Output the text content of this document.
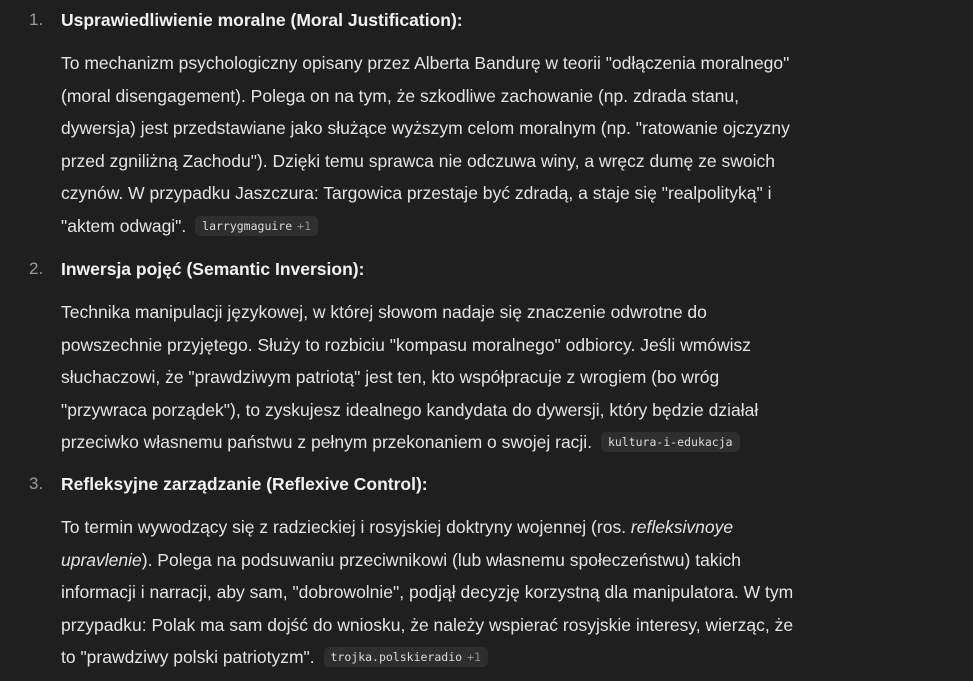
1.	Usprawiedliwienie moralne (Moral Justification):

To mechanizm psychologiczny opisany przez Alberta Bandurę w teorii "odłączenia moralnego"
(moral disengagement). Polega on na tym, że szkodliwe zachowanie (np. zdrada stanu,
dywersja) jest przedstawiane jako służące wyższym celom moralnym (np. "ratowanie ojczyzny
przed zgniliżną Zachodu"). Dzięki temu sprawca nie odczuwa winy, a wręcz dumę ze swoich
czynów. W przypadku Jaszczura: Targowica przestaje być zdradą, a staje się "realpolityką" i
"aktem odwagi". larrygmaguire +1

2.	Inwersja pojęć (Semantic Inversion):

Technika manipulacji językowej, w której słowom nadaje się znaczenie odwrotne do
powszechnie przyjętego. Służy to rozbiciu "kompasu moralnego" odbiorcy. Jeśli wmówisz
słuchaczowi, że "prawdziwym patriotą" jest ten, kto współpracuje z wrogiem (bo wróg
"przywraca porządek"), to zyskujesz idealnego kandydata do dywersji, który będzie działał
przeciwko własnemu państwu z pełnym przekonaniem o swojej racji. kultura-i-edukacja

3.	Refleksyjne zarządzanie (Reflexive Control):

To termin wywodzący się z radzieckiej i rosyjskiej doktryny wojennej (ros. refleksivnoye
upravlenie). Polega na podsuwaniu przeciwnikowi (lub własnemu społeczeństwu) takich
informacji i narracji, aby sam, "dobrowolnie", podjął decyzję korzystną dla manipulatora. W tym
przypadku: Polak ma sam dojść do wniosku, że należy wspierać rosyjskie interesy, wierząc, że
to "prawdziwy polski patriotyzm". trojka.polskieradio +1
